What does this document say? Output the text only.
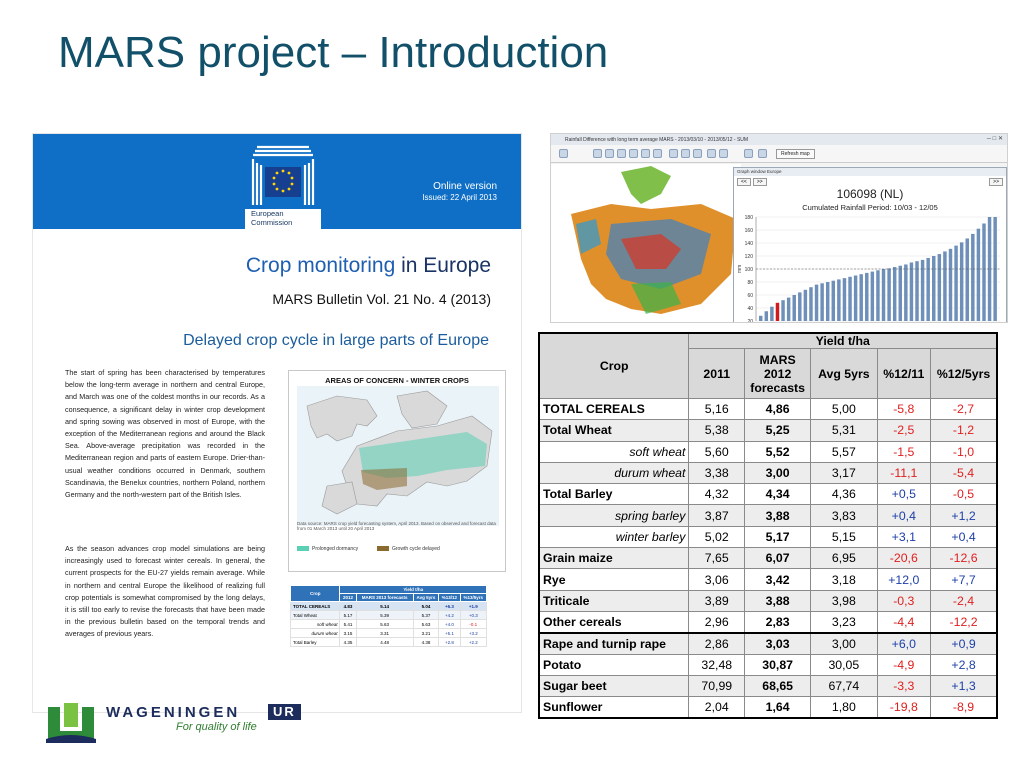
MARS project – Introduction
European
Commission
Online version
Issued: 22 April 2013
Crop monitoring in Europe
MARS Bulletin Vol. 21 No. 4 (2013)
Delayed crop cycle in large parts of Europe
The start of spring has been characterised by temperatures below the long-term average in northern and central Europe, and March was one of the coldest months in our records. As a consequence, a significant delay in winter crop development and spring sowing was observed in most of Europe, with the exception of the Mediterranean regions and around the Black Sea. Above-average precipitation was recorded in the Mediterranean region and parts of eastern Europe. Drier-than-usual weather conditions occurred in Denmark, southern Scandinavia, the Benelux countries, northern Poland, northern Germany and the north-western part of the British Isles.
As the season advances crop model simulations are being increasingly used to forecast winter cereals. In general, the current prospects for the EU-27 yields remain average. While in northern and central Europe the likelihood of realizing full crop potentials is somewhat compromised by the long delays, it is still too early to revise the forecasts that have been made in the previous bulletin based on the temporal trends and averages of previous years.
AREAS OF CONCERN - WINTER CROPS
Data source: MARS crop yield forecasting system, April 2013. Based on observed and forecast data from 01 March 2013 until 20 April 2013
Prolonged dormancy	Growth cycle delayed
Crop	Yield t/ha				
	2012	MARS 2013 forecasts	Avg 5yrs	%13/12	%13/5yrs
TOTAL CEREALS	4.83	5.14	5.04	+6.3	+1.9
Total Wheat	5.17	5.39	5.37	+4.2	+0.3
soft wheat	5.41	5.63	5.63	+4.0	-0.1
durum wheat	3.15	3.31	3.21	+5.1	+3.2
Total Barley	4.35	4.48	4.38	+2.8	+2.2
Rainfall Difference with long term average MARS - 2013/03/10 - 2013/05/12 - SUM	─ □ ✕
Refresh map
Graph window Europe
<< >>	>>
106098 (NL)
Cumulated Rainfall Period: 10/03 - 12/05
20
40
60
80
100
120
140
160
180
mm
Crop	Yield t/ha				
	2011	MARS 2012 forecasts	Avg 5yrs	%12/11	%12/5yrs
TOTAL CEREALS	5,16	4,86	5,00	-5,8	-2,7
Total Wheat	5,38	5,25	5,31	-2,5	-1,2
soft wheat	5,60	5,52	5,57	-1,5	-1,0
durum wheat	3,38	3,00	3,17	-11,1	-5,4
Total Barley	4,32	4,34	4,36	+0,5	-0,5
spring barley	3,87	3,88	3,83	+0,4	+1,2
winter barley	5,02	5,17	5,15	+3,1	+0,4
Grain maize	7,65	6,07	6,95	-20,6	-12,6
Rye	3,06	3,42	3,18	+12,0	+7,7
Triticale	3,89	3,88	3,98	-0,3	-2,4
Other cereals	2,96	2,83	3,23	-4,4	-12,2
Rape and turnip rape	2,86	3,03	3,00	+6,0	+0,9
Potato	32,48	30,87	30,05	-4,9	+2,8
Sugar beet	70,99	68,65	67,74	-3,3	+1,3
Sunflower	2,04	1,64	1,80	-19,8	-8,9
WAGENINGEN	UR
For quality of life
